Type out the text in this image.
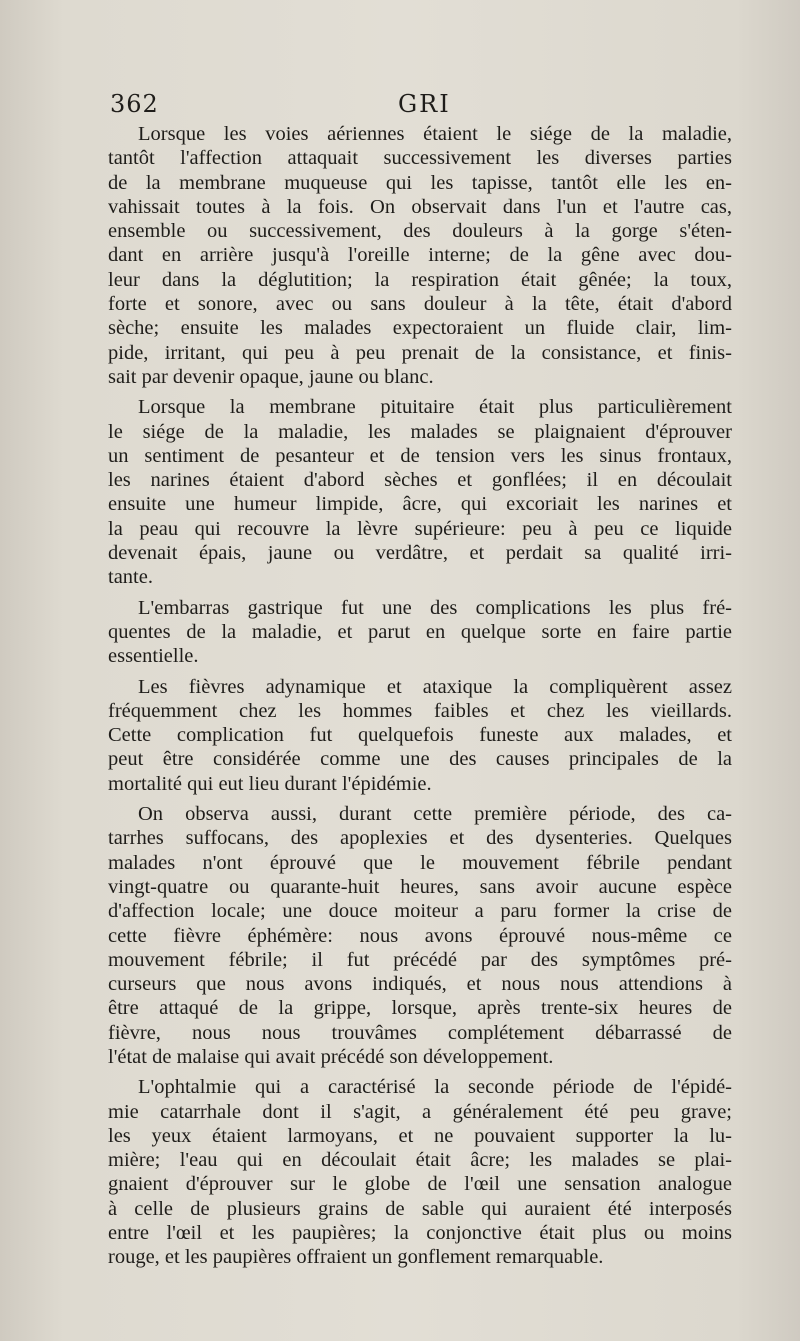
362	GRI
Lorsque les voies aériennes étaient le siége de la maladie,
tantôt l'affection attaquait successivement les diverses parties
de la membrane muqueuse qui les tapisse, tantôt elle les en-
vahissait toutes à la fois. On observait dans l'un et l'autre cas,
ensemble ou successivement, des douleurs à la gorge s'éten-
dant en arrière jusqu'à l'oreille interne; de la gêne avec dou-
leur dans la déglutition; la respiration était gênée; la toux,
forte et sonore, avec ou sans douleur à la tête, était d'abord
sèche; ensuite les malades expectoraient un fluide clair, lim-
pide, irritant, qui peu à peu prenait de la consistance, et finis-
sait par devenir opaque, jaune ou blanc.
Lorsque la membrane pituitaire était plus particulièrement
le siége de la maladie, les malades se plaignaient d'éprouver
un sentiment de pesanteur et de tension vers les sinus frontaux,
les narines étaient d'abord sèches et gonflées; il en découlait
ensuite une humeur limpide, âcre, qui excoriait les narines et
la peau qui recouvre la lèvre supérieure: peu à peu ce liquide
devenait épais, jaune ou verdâtre, et perdait sa qualité irri-
tante.
L'embarras gastrique fut une des complications les plus fré-
quentes de la maladie, et parut en quelque sorte en faire partie
essentielle.
Les fièvres adynamique et ataxique la compliquèrent assez
fréquemment chez les hommes faibles et chez les vieillards.
Cette complication fut quelquefois funeste aux malades, et
peut être considérée comme une des causes principales de la
mortalité qui eut lieu durant l'épidémie.
On observa aussi, durant cette première période, des ca-
tarrhes suffocans, des apoplexies et des dysenteries. Quelques
malades n'ont éprouvé que le mouvement fébrile pendant
vingt-quatre ou quarante-huit heures, sans avoir aucune espèce
d'affection locale; une douce moiteur a paru former la crise de
cette fièvre éphémère: nous avons éprouvé nous-même ce
mouvement fébrile; il fut précédé par des symptômes pré-
curseurs que nous avons indiqués, et nous nous attendions à
être attaqué de la grippe, lorsque, après trente-six heures de
fièvre, nous nous trouvâmes complétement débarrassé de
l'état de malaise qui avait précédé son développement.
L'ophtalmie qui a caractérisé la seconde période de l'épidé-
mie catarrhale dont il s'agit, a généralement été peu grave;
les yeux étaient larmoyans, et ne pouvaient supporter la lu-
mière; l'eau qui en découlait était âcre; les malades se plai-
gnaient d'éprouver sur le globe de l'œil une sensation analogue
à celle de plusieurs grains de sable qui auraient été interposés
entre l'œil et les paupières; la conjonctive était plus ou moins
rouge, et les paupières offraient un gonflement remarquable.
